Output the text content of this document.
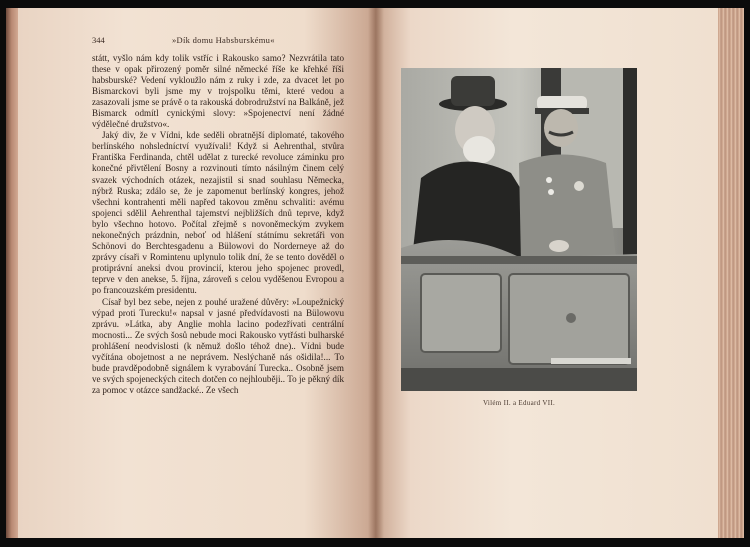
344	»Dík domu Habsburskému«

státt, vyšlo nám kdy tolik vstříc i Rakousko samo? Nezvrátila tato these v opak přirozený poměr silné německé říše ke křehké říši habsburské? Vedení vykloužlo nám z ruky i zde, za dvacet let po Bismarckovi byli jsme my v trojspolku těmi, které vedou a zasazovali jsme se právě o ta rakouská dobrodružství na Balkáně, jež Bismarck odmítl cynickými slovy: »Spojenectví není žádné výdělečné družstvo«.

Jaký div, že v Vídni, kde seděli obratnější diplomaté, takového berlínského nohsledníctví využívali! Když si Aehrenthal, stvůra Františka Ferdinanda, chtěl udělat z turecké revoluce záminku pro konečné přivtělení Bosny a rozvinouti tímto násilným činem celý svazek východních otázek, nezajistil si snad souhlasu Německa, nýbrž Ruska; zdálo se, že je zapomenut berlínský kongres, jehož všechni kontrahenti měli napřed takovou změnu schvaliti: avému spojenci sdělil Aehrenthal tajemství nejbližších dnů teprve, když bylo všechno hotovo. Počítal zřejmě s novoněmeckým zvykem nekonečných prázdnin, neboť od hlášení státnímu sekretáři von Schönovi do Berchtesgadenu a Bülowovi do Norderneye až do zprávy císaři v Romintenu uplynulo tolik dní, že se tento dověděl o protiprávní aneksi dvou provincií, kterou jeho spojenec provedl, teprve v den anekse, 5. října, zároveň s celou vyděšenou Evropou a po francouzském presidentu.

Císař byl bez sebe, nejen z pouhé uražené důvěry: »Loupežnický výpad proti Turecku!« napsal v jasné předvídavosti na Bülowovu zprávu. »Látka, aby Anglie mohla lacino podezřívati centrální mocnosti... Ze svých šosů nebude moci Rakousko vytřásti bulharské prohlášení neodvislosti (k němuž došlo téhož dne).. Vídni bude vyčítána obojetnost a ne neprávem. Neslýchaně nás ošidila!... To bude pravděpodobně signálem k vyrabování Turecka.. Osobně jsem ve svých spojeneckých citech dotčen co nejhlouběji.. To je pěkný dík za pomoc v otázce sandžacké.. Ze všech

Vilém II. a Eduard VII.
